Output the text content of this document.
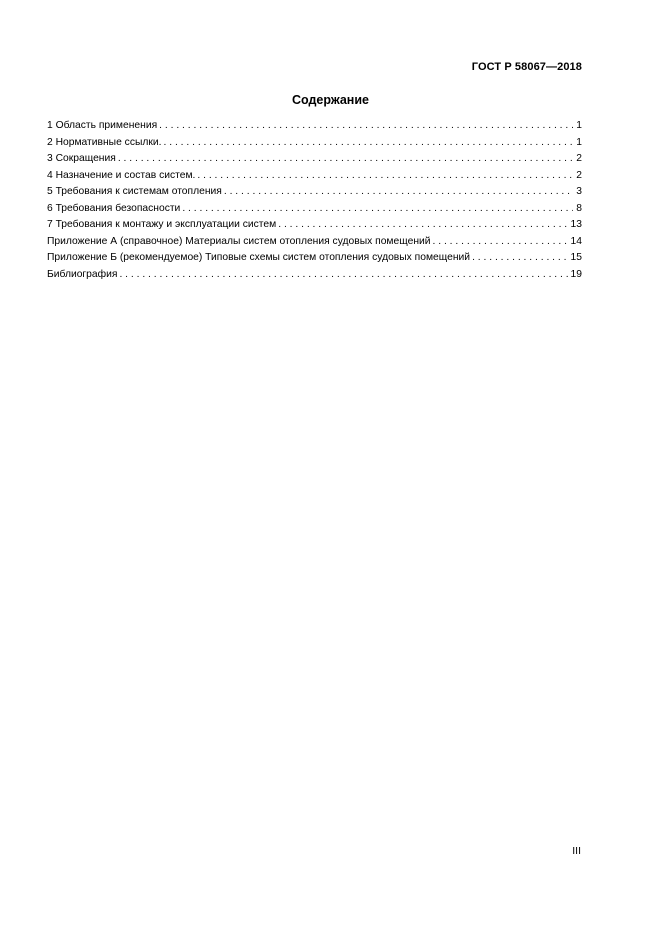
ГОСТ Р 58067—2018
Содержание
1 Область применения . . .	1
2 Нормативные ссылки. . . .	1
3 Сокращения . . .	2
4 Назначение и состав систем. . . .	2
5 Требования к системам отопления . . .	3
6 Требования безопасности . . .	8
7 Требования к монтажу и эксплуатации систем . . .	13
Приложение А (справочное) Материалы систем отопления судовых помещений . . .	14
Приложение Б (рекомендуемое) Типовые схемы систем отопления судовых помещений . . .	15
Библиография . . .	19
III
